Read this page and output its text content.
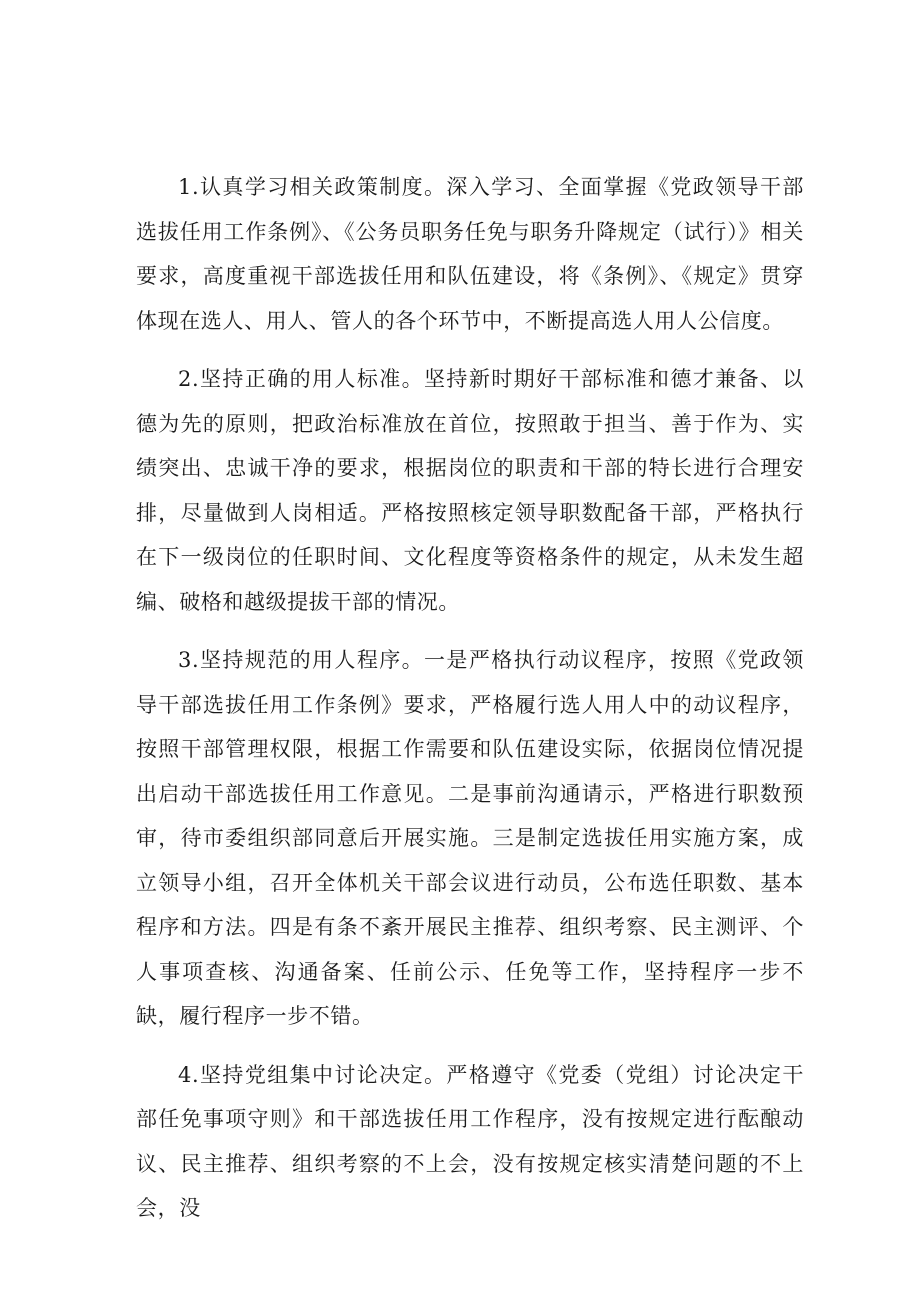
1.认真学习相关政策制度。深入学习、全面掌握《党政领导干部选拔任用工作条例》、《公务员职务任免与职务升降规定（试行）》相关要求，高度重视干部选拔任用和队伍建设，将《条例》、《规定》贯穿体现在选人、用人、管人的各个环节中，不断提高选人用人公信度。

2.坚持正确的用人标准。坚持新时期好干部标准和德才兼备、以德为先的原则，把政治标准放在首位，按照敢于担当、善于作为、实绩突出、忠诚干净的要求，根据岗位的职责和干部的特长进行合理安排，尽量做到人岗相适。严格按照核定领导职数配备干部，严格执行在下一级岗位的任职时间、文化程度等资格条件的规定，从未发生超编、破格和越级提拔干部的情况。

3.坚持规范的用人程序。一是严格执行动议程序，按照《党政领导干部选拔任用工作条例》要求，严格履行选人用人中的动议程序，按照干部管理权限，根据工作需要和队伍建设实际，依据岗位情况提出启动干部选拔任用工作意见。二是事前沟通请示，严格进行职数预审，待市委组织部同意后开展实施。三是制定选拔任用实施方案，成立领导小组，召开全体机关干部会议进行动员，公布选任职数、基本程序和方法。四是有条不紊开展民主推荐、组织考察、民主测评、个人事项查核、沟通备案、任前公示、任免等工作，坚持程序一步不缺，履行程序一步不错。

4.坚持党组集中讨论决定。严格遵守《党委（党组）讨论决定干部任免事项守则》和干部选拔任用工作程序，没有按规定进行酝酿动议、民主推荐、组织考察的不上会，没有按规定核实清楚问题的不上会，没
